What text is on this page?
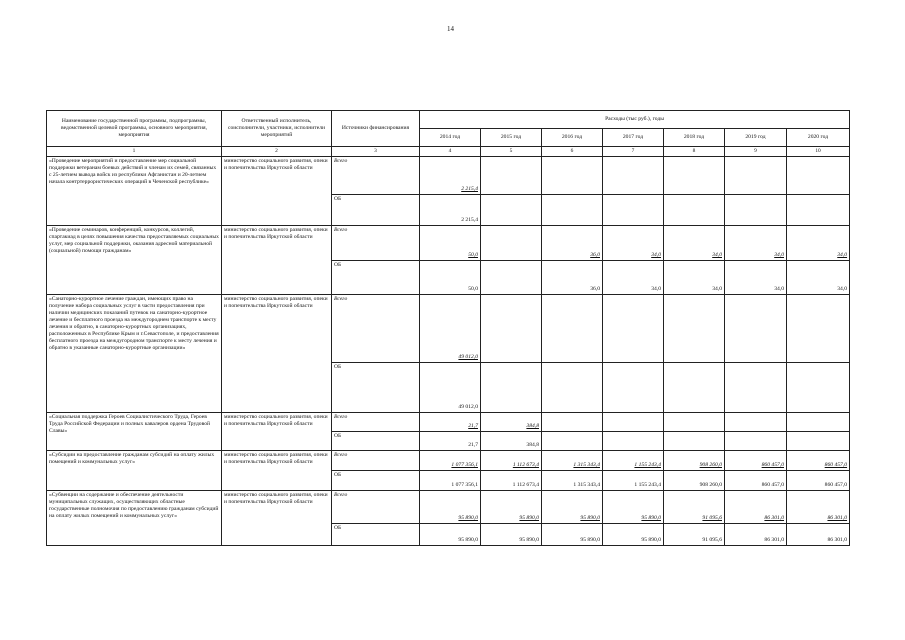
14
Наименование государственной программы, подпрограммы, ведомственной целевой программы, основного мероприятия, мероприятия	Ответственный исполнитель, соисполнители, участники, исполнители мероприятий	Источники финансирования	Расходы (тыс руб.), годы						
			2014 год	2015 год	2016 год	2017 год	2018 год	2019 год	2020 год
1	2	3	4	5	6	7	8	9	10
«Проведение мероприятий и предоставление мер социальной поддержки ветеранам боевых действий и членам их семей, связанных с 25-летием вывода войск из республики Афганистан и 20-летием начала контртеррористических операций в Чеченской республике»	министерство социального развития, опеки и попечительства Иркутской области	Всего	2 215,4						
		ОБ	2 215,4						
«Проведение семинаров, конференций, конкурсов, коллегий, спартакиад в целях повышения качества предоставляемых социальных услуг, мер социальной поддержки, оказания адресной материальной (социальной) помощи гражданам»	министерство социального развития, опеки и попечительства Иркутской области	Всего	50,0		36,0	34,0	34,0	34,0	34,0
		ОБ	50,0		36,0	34,0	34,0	34,0	34,0
«Санаторно-курортное лечение граждан, имеющих право на получение набора социальных услуг в части предоставления при наличии медицинских показаний путевок на санаторно-курортное лечение и бесплатного проезда на междугороднем транспорте к месту лечения и обратно, в санаторно-курортных организациях, расположенных в Республике Крым и г.Севастополе, и предоставления бесплатного проезда на междугородном транспорте к месту лечения и обратно в указанные санаторно-курортные организации»	министерство социального развития, опеки и попечительства Иркутской области	Всего	49 012,0						
		ОБ	49 012,0						
«Социальная поддержка Героев Социалистического Труда, Героев Труда Российской Федерации и полных кавалеров ордена Трудовой Славы»	министерство социального развития, опеки и попечительства Иркутской области	Всего	21,7	384,8					
		ОБ	21,7	384,8					
«Субсидии на предоставление гражданам субсидий на оплату жилых помещений и коммунальных услуг»	министерство социального развития, опеки и попечительства Иркутской области	Всего	1 077 356,1	1 112 673,4	1 315 343,4	1 155 243,4	908 260,0	860 457,0	860 457,0
		ОБ	1 077 356,1	1 112 673,4	1 315 343,4	1 155 243,4	908 260,0	860 457,0	860 457,0
«Субвенции на содержание и обеспечение деятельности муниципальных служащих, осуществляющих областные государственные полномочия по предоставлению гражданам субсидий на оплату жилых помещений и коммунальных услуг»	министерство социального развития, опеки и попечительства Иркутской области	Всего	95 890,0	95 890,0	95 890,0	95 890,0	91 095,6	86 301,0	86 301,0
		ОБ	95 890,0	95 890,0	95 890,0	95 890,0	91 095,6	86 301,0	86 301,0
